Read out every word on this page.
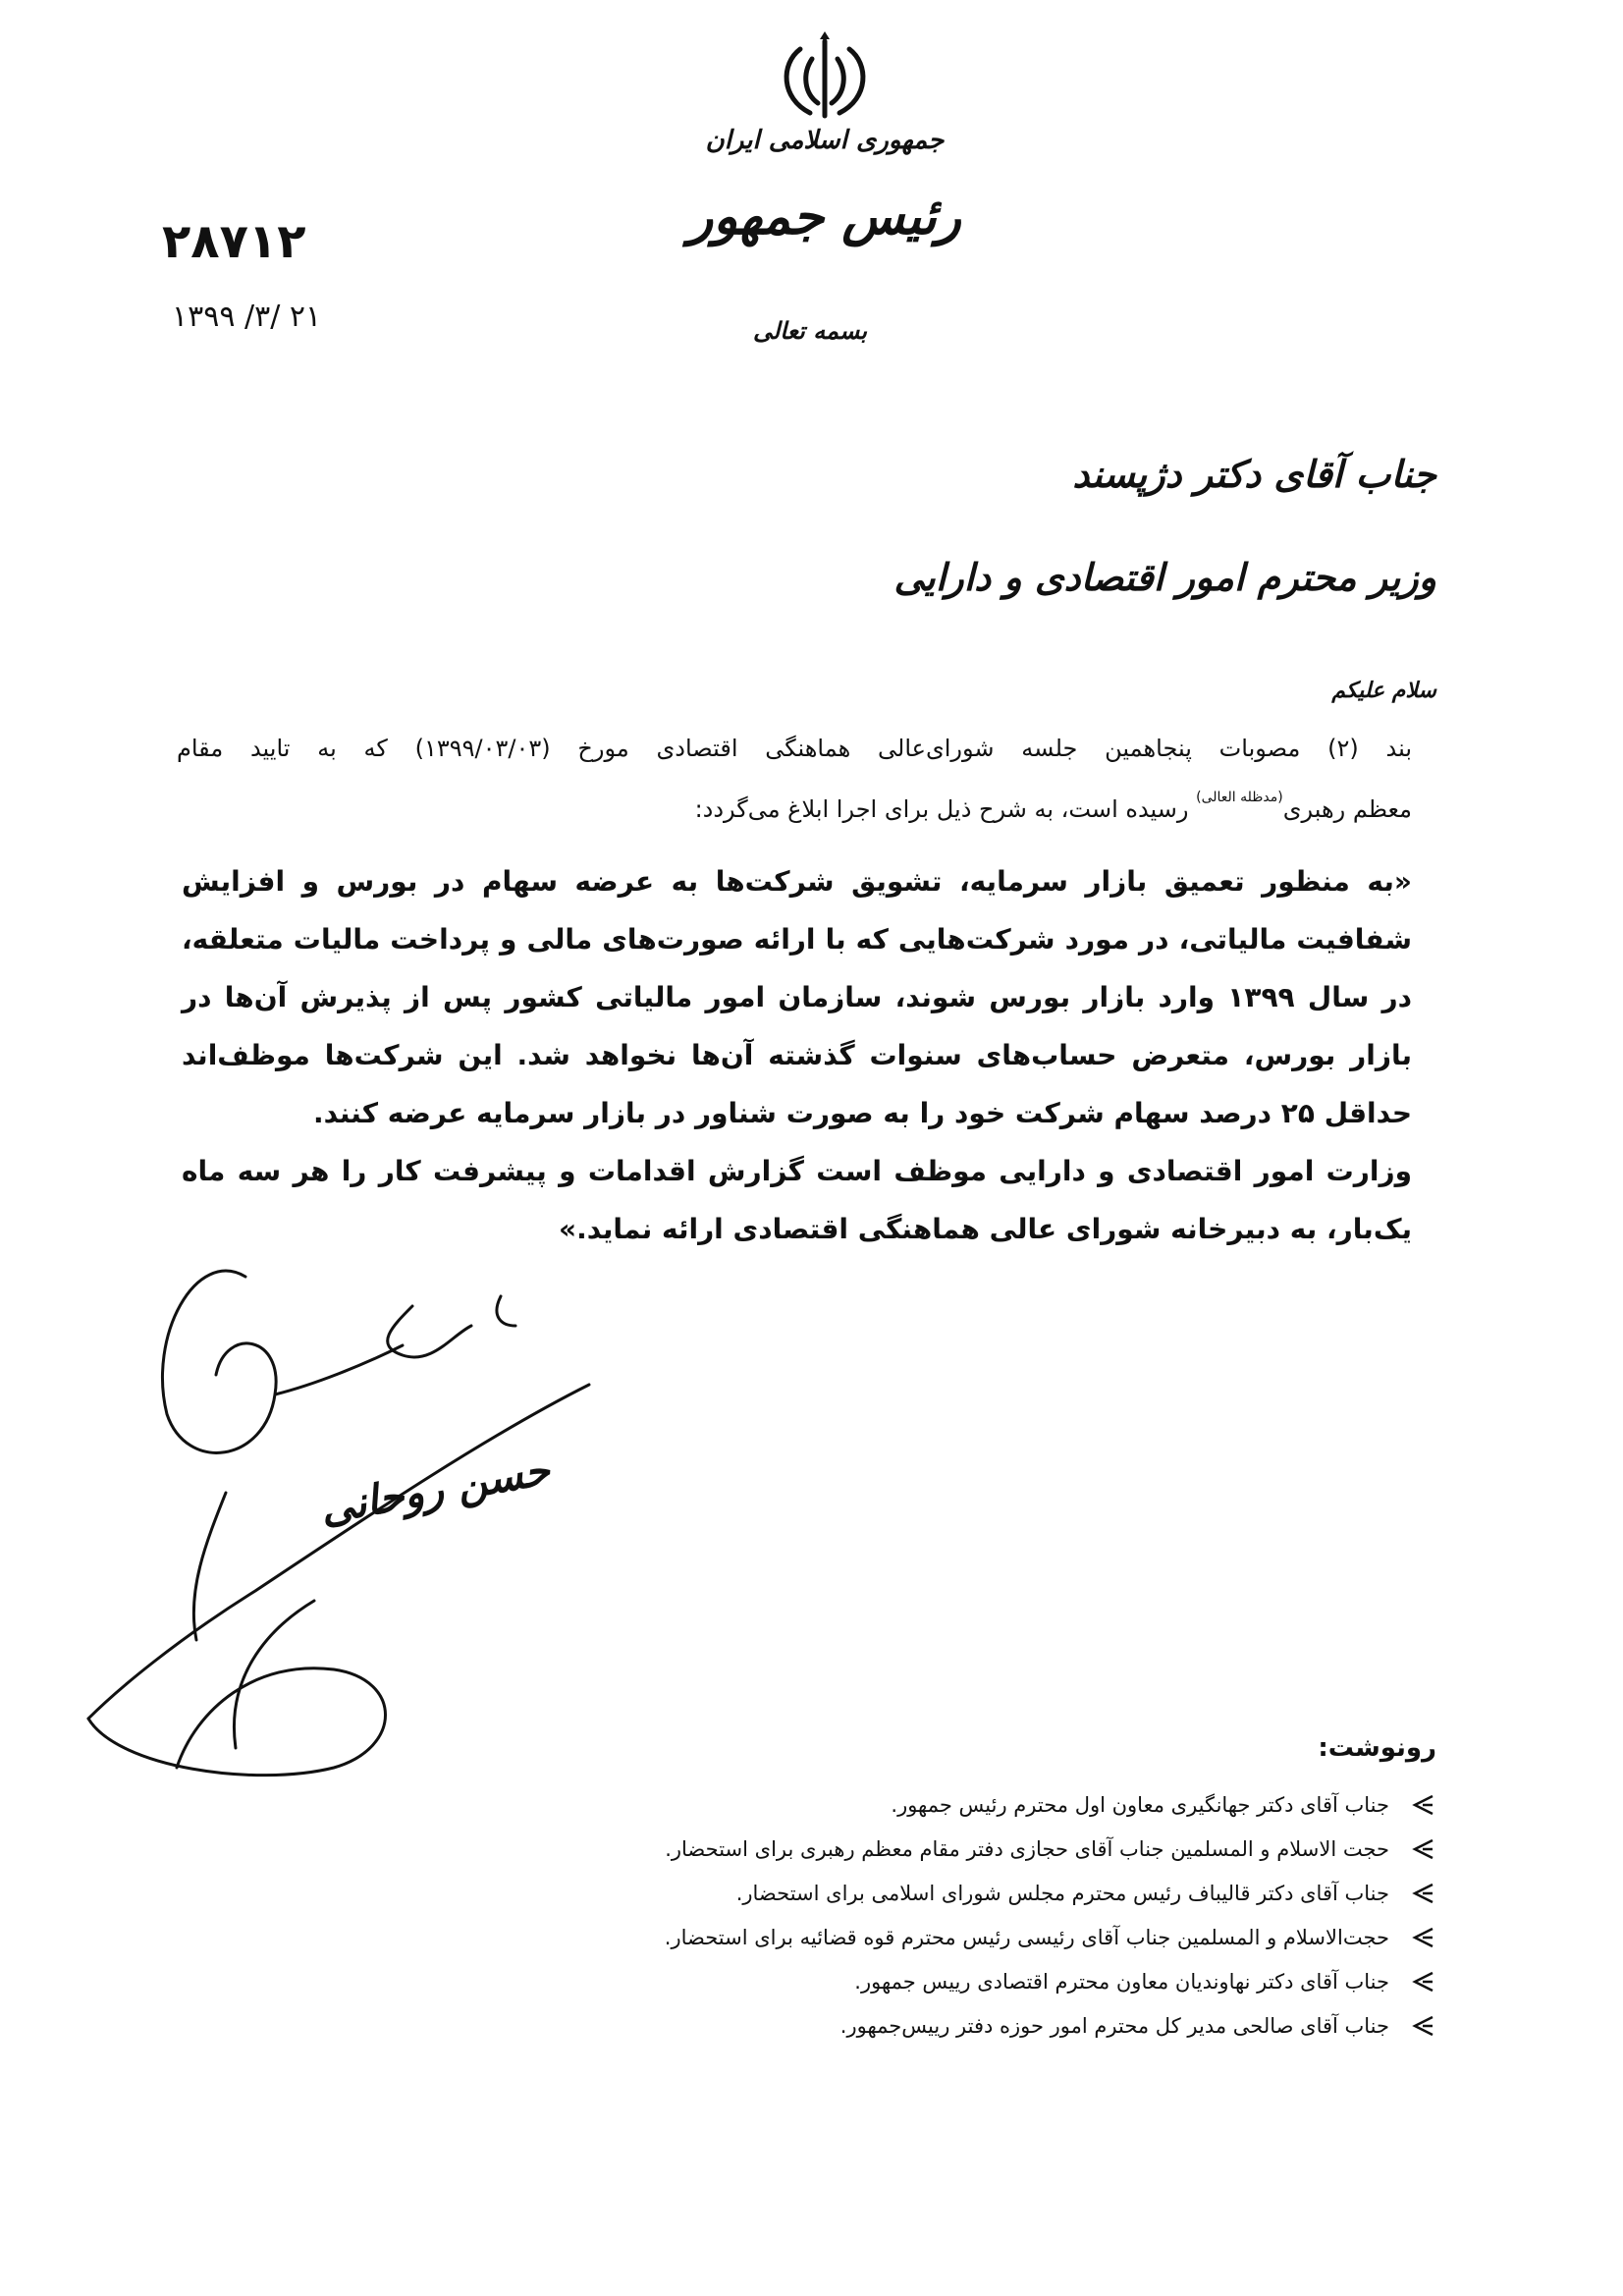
جمهوری اسلامی ایران
رئیس جمهور
بسمه تعالی
۲۸۷۱۲
۱۳۹۹ /۳/ ۲۱
جناب آقای دکتر دژپسند
وزیر محترم امور اقتصادی و دارایی
سلام علیکم
بند (۲) مصوبات پنجاهمین جلسه شورای‌عالی هماهنگی اقتصادی مورخ (۱۳۹۹/۰۳/۰۳) که به تایید مقام
معظم رهبری$^{(مدظله العالی)}$ رسیده است، به شرح ذیل برای اجرا ابلاغ می‌گردد:

«به منظور تعمیق بازار سرمایه، تشویق شرکت‌ها به عرضه سهام در بورس و افزایش شفافیت مالیاتی، در مورد شرکت‌هایی که با ارائه صورت‌های مالی و پرداخت مالیات متعلقه، در سال ۱۳۹۹ وارد بازار بورس شوند، سازمان امور مالیاتی کشور پس از پذیرش آن‌ها در بازار بورس، متعرض حساب‌های سنوات گذشته آن‌ها نخواهد شد. این شرکت‌ها موظف‌اند حداقل ۲۵ درصد سهام شرکت خود را به صورت شناور در بازار سرمایه عرضه کنند.

وزارت امور اقتصادی و دارایی موظف است گزارش اقدامات و پیشرفت کار را هر سه ماه یک‌بار، به دبیرخانه شورای عالی هماهنگی اقتصادی ارائه نماید.»

حسن روحانی
رونوشت:
جناب آقای دکتر جهانگیری معاون اول محترم رئیس جمهور.
حجت الاسلام و المسلمین جناب آقای حجازی دفتر مقام معظم رهبری برای استحضار.
جناب آقای دکتر قالیباف رئیس محترم مجلس شورای اسلامی برای استحضار.
حجت‌الاسلام و المسلمین جناب آقای رئیسی رئیس محترم قوه قضائیه برای استحضار.
جناب آقای دکتر نهاوندیان معاون محترم اقتصادی رییس جمهور.
جناب آقای صالحی مدیر کل محترم امور حوزه دفتر رییس‌جمهور.
